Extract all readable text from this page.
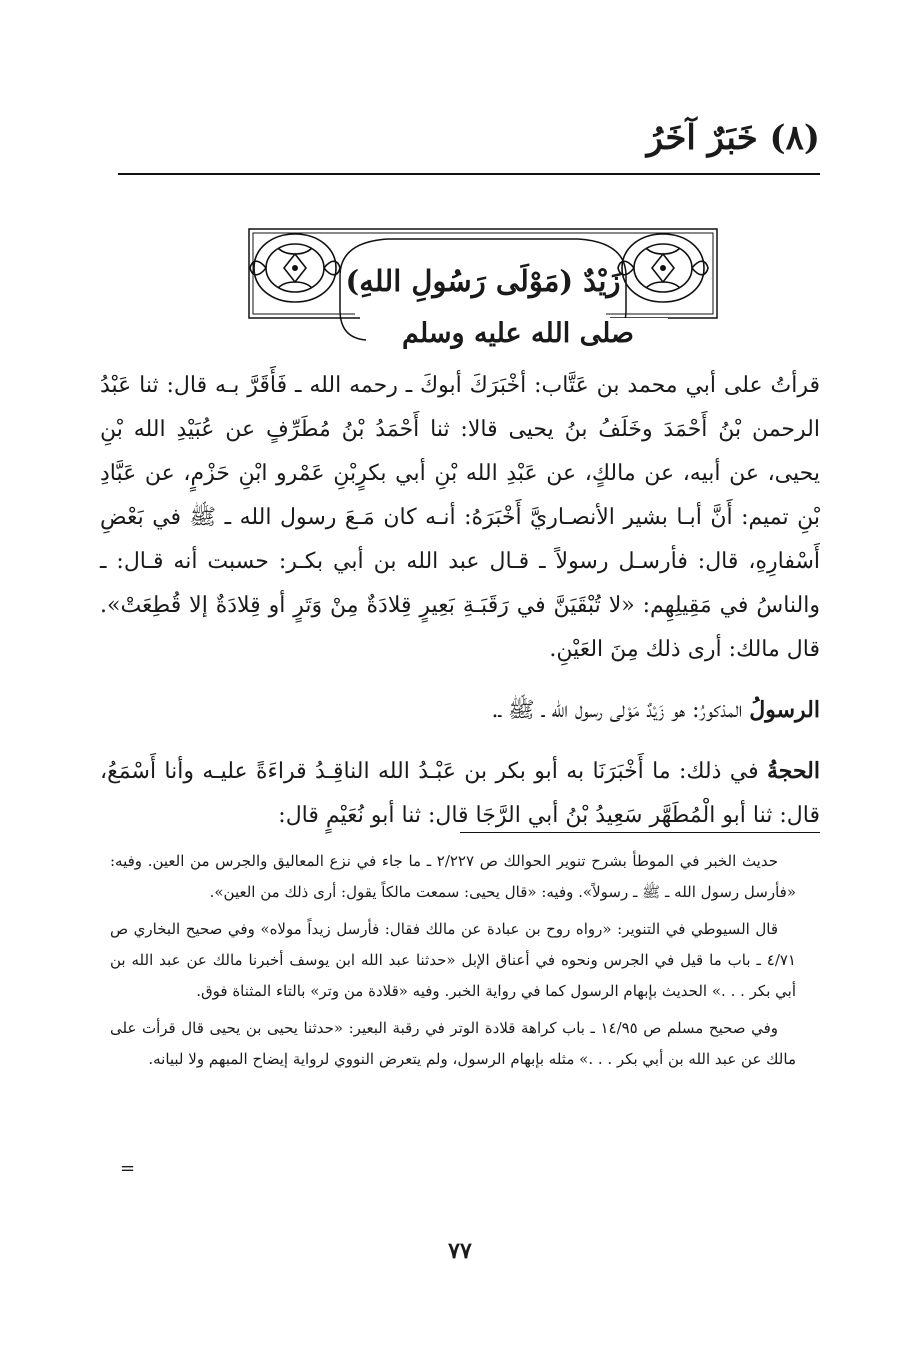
(٨) خَبَرٌ آخَرُ
زَيْدٌ (مَوْلَى رَسُولِ اللهِ)
صلى الله عليه وسلم

قرأتُ على أبي محمد بن عَتَّاب: أخْبَرَكَ أبوكَ ـ رحمه الله ـ فَأَقَرَّ بـه قال: ثنا عَبْدُ الرحمن بْنُ أَحْمَدَ وخَلَفُ بنُ يحيى قالا: ثنا أَحْمَدُ بْنُ مُطَرِّفٍ عن عُبَيْدِ الله بْنِ يحيى، عن أبيه، عن مالكٍ، عن عَبْدِ الله بْنِ أبي بكرٍبْنِ عَمْرو ابْنِ حَزْمٍ، عن عَبَّادِ بْنِ تميم: أَنَّ أبـا بشير الأنصـاريَّ أَخْبَرَهُ: أنـه كان مَـعَ رسول الله ـ ﷺ في بَعْضِ أَسْفارِهِ، قال: فأرسـل رسولاً ـ قـال عبد الله بن أبي بكـر: حسبت أنه قـال: ـ والناسُ في مَقِيلِهِم: «لا تُبْقَيَنَّ في رَقَبَـةِ بَعِيرٍ قِلادَةٌ مِنْ وَتَرٍ أو قِلادَةٌ إلا قُطِعَتْ». قال مالك: أرى ذلك مِنَ العَيْنِ.

الرسولُ المذكورُ: هو زَيْدٌ مَوْلى رسول الله ـ ﷺ ـ.

الحجةُ في ذلك: ما أَخْبَرَنَا به أبو بكر بن عَبْـدُ الله الناقِـدُ قراءَةً عليـه وأنا أَسْمَعُ، قال: ثنا أبو الْمُطَهَّر سَعِيدُ بْنُ أبي الرَّجَا قال: ثنا أبو نُعَيْمٍ قال:

حديث الخبر في الموطأ بشرح تنوير الحوالك ص ٢/٢٢٧ ـ ما جاء في نزع المعاليق والجرس من العين. وفيه: «فأرسل رسول الله ـ ﷺ ـ رسولاً». وفيه: «قال يحيى: سمعت مالكاً يقول: أرى ذلك من العين».

قال السيوطي في التنوير: «رواه روح بن عبادة عن مالك فقال: فأرسل زيداً مولاه» وفي صحيح البخاري ص ٤/٧١ ـ باب ما قيل في الجرس ونحوه في أعناق الإبل «حدثنا عبد الله ابن يوسف أخبرنا مالك عن عبد الله بن أبي بكر . . .» الحديث بإبهام الرسول كما في رواية الخبر. وفيه «قلادة من وتر» بالتاء المثناة فوق.

وفي صحيح مسلم ص ١٤/٩٥ ـ باب كراهة قلادة الوتر في رقبة البعير: «حدثنا يحيى بن يحيى قال قرأت على مالك عن عبد الله بن أبي بكر . . .» مثله بإبهام الرسول، ولم يتعرض النووي لرواية إيضاح المبهم ولا لبيانه.

=
٧٧
